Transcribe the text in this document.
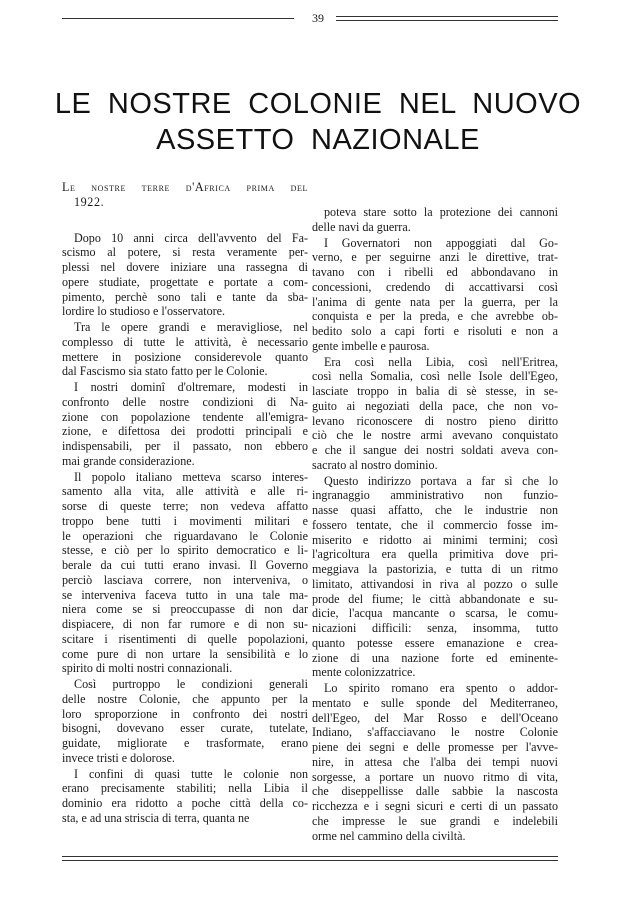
39
LE NOSTRE COLONIE NEL NUOVO
ASSETTO NAZIONALE
Le nostre terre d'Africa prima del
1922.
Dopo 10 anni circa dell'avvento del Fa-
scismo al potere, si resta veramente per-
plessi nel dovere iniziare una rassegna di
opere studiate, progettate e portate a com-
pimento, perchè sono tali e tante da sba-
lordire lo studioso e l'osservatore.
Tra le opere grandi e meravigliose, nel
complesso di tutte le attività, è necessario
mettere in posizione considerevole quanto
dal Fascismo sia stato fatto per le Colonie.
I nostri dominî d'oltremare, modesti in
confronto delle nostre condizioni di Na-
zione con popolazione tendente all'emigra-
zione, e difettosa dei prodotti principali e
indispensabili, per il passato, non ebbero
mai grande considerazione.
Il popolo italiano metteva scarso interes-
samento alla vita, alle attività e alle ri-
sorse di queste terre; non vedeva affatto
troppo bene tutti i movimenti militari e
le operazioni che riguardavano le Colonie
stesse, e ciò per lo spirito democratico e li-
berale da cui tutti erano invasi. Il Governo
perciò lasciava correre, non interveniva, o
se interveniva faceva tutto in una tale ma-
niera come se si preoccupasse di non dar
dispiacere, di non far rumore e di non su-
scitare i risentimenti di quelle popolazioni,
come pure di non urtare la sensibilità e lo
spirito di molti nostri connazionali.
Così purtroppo le condizioni generali
delle nostre Colonie, che appunto per la
loro sproporzione in confronto dei nostri
bisogni, dovevano esser curate, tutelate,
guidate, migliorate e trasformate, erano
invece tristi e dolorose.
I confini di quasi tutte le colonie non
erano precisamente stabiliti; nella Libia il
dominio era ridotto a poche città della co-
sta, e ad una striscia di terra, quanta ne
poteva stare sotto la protezione dei cannoni
delle navi da guerra.
I Governatori non appoggiati dal Go-
verno, e per seguirne anzi le direttive, trat-
tavano con i ribelli ed abbondavano in
concessioni, credendo di accattivarsi così
l'anima di gente nata per la guerra, per la
conquista e per la preda, e che avrebbe ob-
bedito solo a capi forti e risoluti e non a
gente imbelle e paurosa.
Era così nella Libia, così nell'Eritrea,
così nella Somalia, così nelle Isole dell'Egeo,
lasciate troppo in balia di sè stesse, in se-
guito ai negoziati della pace, che non vo-
levano riconoscere di nostro pieno diritto
ciò che le nostre armi avevano conquistato
e che il sangue dei nostri soldati aveva con-
sacrato al nostro dominio.
Questo indirizzo portava a far sì che lo
ingranaggio amministrativo non funzio-
nasse quasi affatto, che le industrie non
fossero tentate, che il commercio fosse im-
miserito e ridotto ai minimi termini; così
l'agricoltura era quella primitiva dove pri-
meggiava la pastorizia, e tutta di un ritmo
limitato, attivandosi in riva al pozzo o sulle
prode del fiume; le città abbandonate e su-
dicie, l'acqua mancante o scarsa, le comu-
nicazioni difficili: senza, insomma, tutto
quanto potesse essere emanazione e crea-
zione di una nazione forte ed eminente-
mente colonizzatrice.
Lo spirito romano era spento o addor-
mentato e sulle sponde del Mediterraneo,
dell'Egeo, del Mar Rosso e dell'Oceano
Indiano, s'affacciavano le nostre Colonie
piene dei segni e delle promesse per l'avve-
nire, in attesa che l'alba dei tempi nuovi
sorgesse, a portare un nuovo ritmo di vita,
che diseppellisse dalle sabbie la nascosta
ricchezza e i segni sicuri e certi di un passato
che impresse le sue grandi e indelebili
orme nel cammino della civiltà.
